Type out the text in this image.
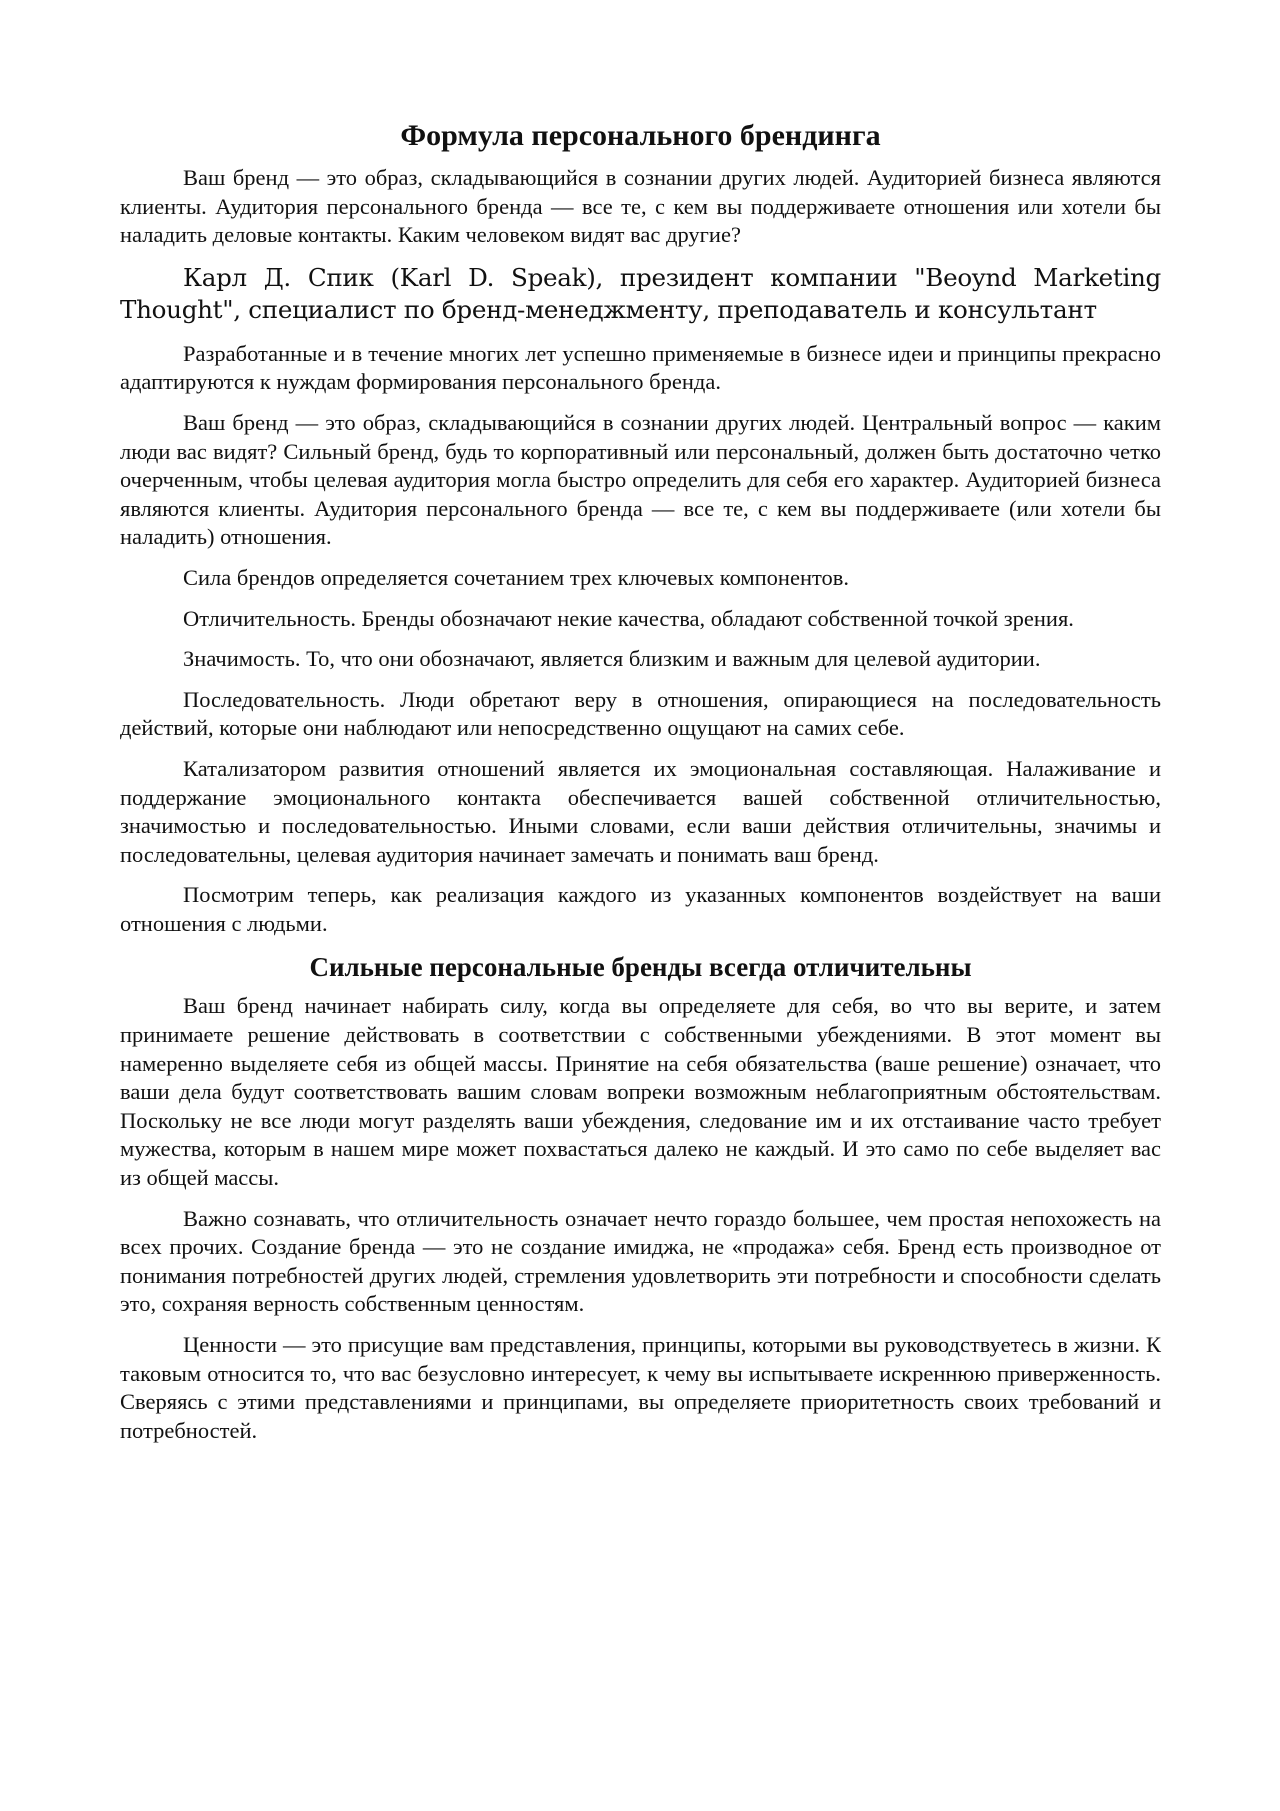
Формула персонального брендинга

Ваш бренд — это образ, складывающийся в сознании других людей. Аудиторией бизнеса являются клиенты. Аудитория персонального бренда — все те, с кем вы поддерживаете отношения или хотели бы наладить деловые контакты. Каким человеком видят вас другие?

Карл Д. Спик (Karl D. Speak), президент компании "Beoynd Marketing Thought", специалист по бренд-менеджменту, преподаватель и консультант

Разработанные и в течение многих лет успешно применяемые в бизнесе идеи и принципы прекрасно адаптируются к нуждам формирования персонального бренда.

Ваш бренд — это образ, складывающийся в сознании других людей. Центральный вопрос — каким люди вас видят? Сильный бренд, будь то корпоративный или персональный, должен быть достаточно четко очерченным, чтобы целевая аудитория могла быстро определить для себя его характер. Аудиторией бизнеса являются клиенты. Аудитория персонального бренда — все те, с кем вы поддерживаете (или хотели бы наладить) отношения.

Сила брендов определяется сочетанием трех ключевых компонентов.

Отличительность. Бренды обозначают некие качества, обладают собственной точкой зрения.

Значимость. То, что они обозначают, является близким и важным для целевой аудитории.

Последовательность. Люди обретают веру в отношения, опирающиеся на последовательность действий, которые они наблюдают или непосредственно ощущают на самих себе.

Катализатором развития отношений является их эмоциональная составляющая. Налаживание и поддержание эмоционального контакта обеспечивается вашей собственной отличительностью, значимостью и последовательностью. Иными словами, если ваши действия отличительны, значимы и последовательны, целевая аудитория начинает замечать и понимать ваш бренд.

Посмотрим теперь, как реализация каждого из указанных компонентов воздействует на ваши отношения с людьми.

Сильные персональные бренды всегда отличительны

Ваш бренд начинает набирать силу, когда вы определяете для себя, во что вы верите, и затем принимаете решение действовать в соответствии с собственными убеждениями. В этот момент вы намеренно выделяете себя из общей массы. Принятие на себя обязательства (ваше решение) означает, что ваши дела будут соответствовать вашим словам вопреки возможным неблагоприятным обстоятельствам. Поскольку не все люди могут разделять ваши убеждения, следование им и их отстаивание часто требует мужества, которым в нашем мире может похвастаться далеко не каждый. И это само по себе выделяет вас из общей массы.

Важно сознавать, что отличительность означает нечто гораздо большее, чем простая непохожесть на всех прочих. Создание бренда — это не создание имиджа, не «продажа» себя. Бренд есть производное от понимания потребностей других людей, стремления удовлетворить эти потребности и способности сделать это, сохраняя верность собственным ценностям.

Ценности — это присущие вам представления, принципы, которыми вы руководствуетесь в жизни. К таковым относится то, что вас безусловно интересует, к чему вы испытываете искреннюю приверженность. Сверяясь с этими представлениями и принципами, вы определяете приоритетность своих требований и потребностей.
